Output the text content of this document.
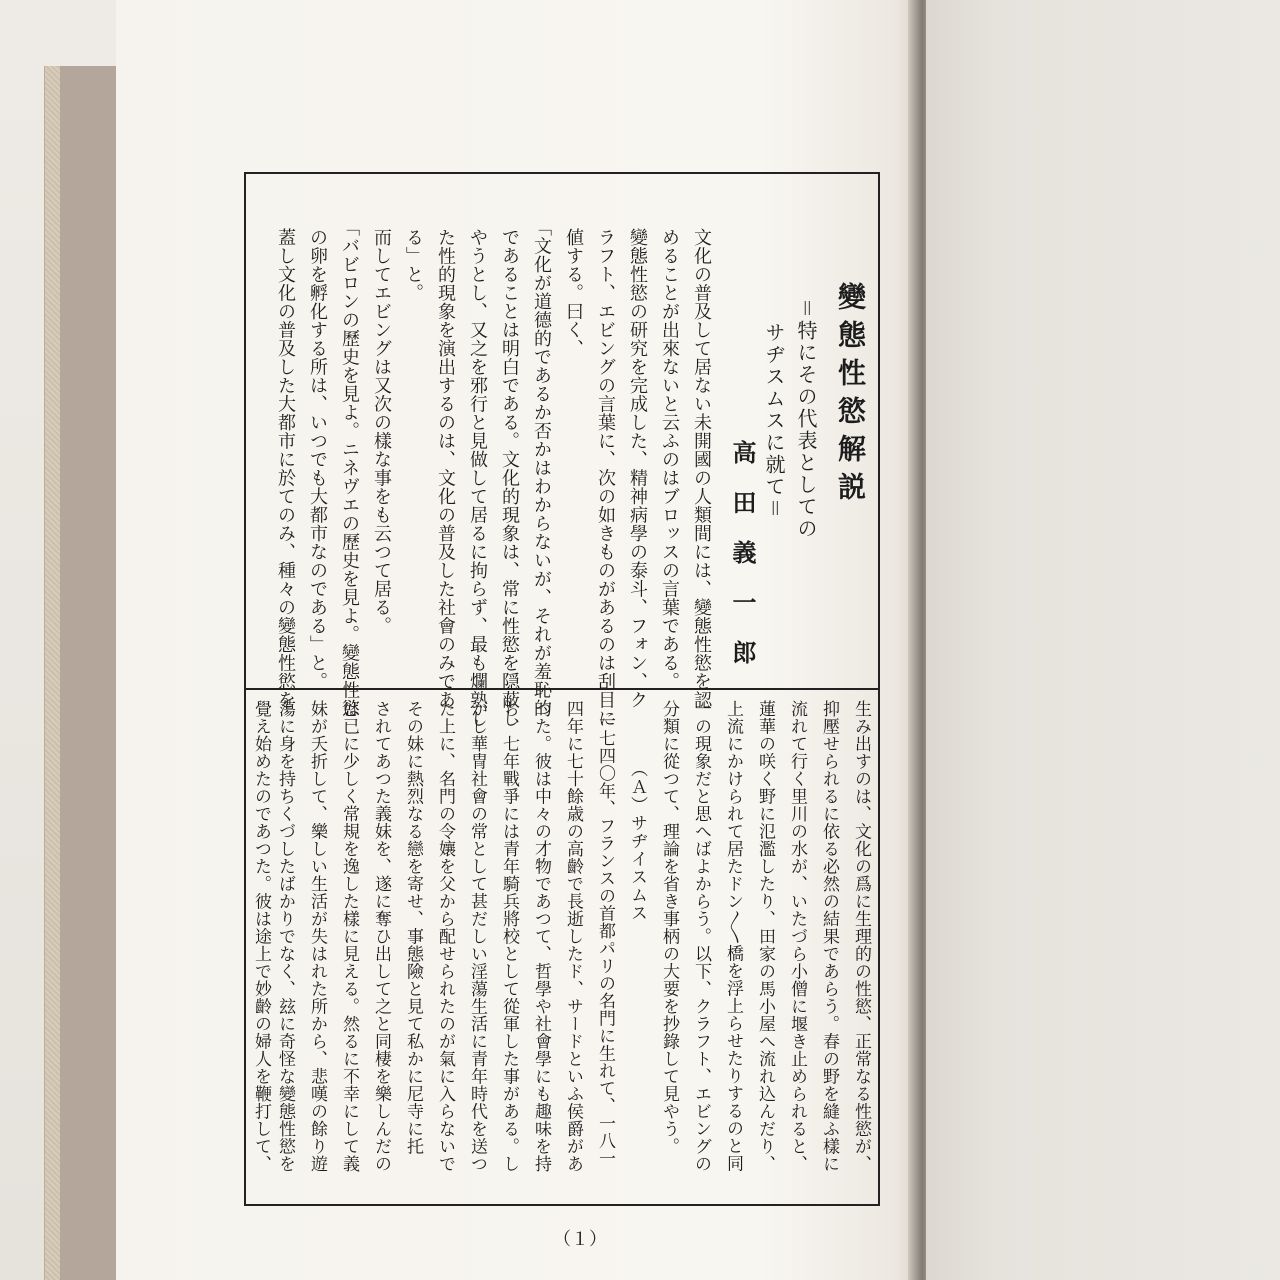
變態性慾解説
＝特にその代表としての
サヂスムスに就て＝
高田義一郎
文化の普及して居ない未開國の人類間には、變態性慾を認
めることが出來ないと云ふのはブロッスの言葉である。
變態性慾の研究を完成した、精神病學の泰斗、フォン、ク
ラフト、エビングの言葉に、次の如きものがあるのは刮目に
値する。曰く、
「文化が道德的であるか否かはわからないが、それが羞恥的
であることは明白である。文化的現象は、常に性慾を隠蔽し
やうとし、又之を邪行と見做して居るに拘らず、最も爛熟し
た性的現象を演出するのは、文化の普及した社會のみであ
る」と。
而してエビングは又次の樣な事をも云つて居る。
「バビロンの歷史を見よ。ニネヴエの歷史を見よ。變態性慾
の卵を孵化する所は、いつでも大都市なのである」と。
蓋し文化の普及した大都市に於てのみ、種々の變態性慾を
生み出すのは、文化の爲に生理的の性慾、正常なる性慾が、
抑壓せられるに依る必然の結果であらう。春の野を縫ふ樣に
流れて行く里川の水が、いたづら小僧に堰き止められると、
蓮華の咲く野に氾濫したり、田家の馬小屋へ流れ込んだり、
上流にかけられて居たドン〳〵橋を浮上らせたりするのと同
一の現象だと思へばよからう。以下、クラフト、エビングの
分類に從つて、理論を省き事柄の大要を抄錄して見やう。
（Ａ）サヂイスムス
一七四〇年、フランスの首都パリの名門に生れて、一八一
四年に七十餘歳の高齡で長逝したド、サードといふ侯爵があ
つた。彼は中々の才物であつて、哲學や社會學にも趣味を持
ち、七年戰爭には青年騎兵將校として從軍した事がある。し
かし華冑社會の常として甚だしい淫蕩生活に青年時代を送つ
た上に、名門の令孃を父から配せられたのが氣に入らないで
その妹に熱烈なる戀を寄せ、事態險と見て私かに尼寺に托
されてあつた義妹を、遂に奪ひ出して之と同棲を樂しんだの
は已に少しく常規を逸した樣に見える。然るに不幸にして義
妹が夭折して、樂しい生活が失はれた所から、悲嘆の餘り遊
蕩に身を持ちくづしたばかりでなく、玆に奇怪な變態性慾を
覺え始めたのであつた。彼は途上で妙齡の婦人を鞭打して、
（１）
